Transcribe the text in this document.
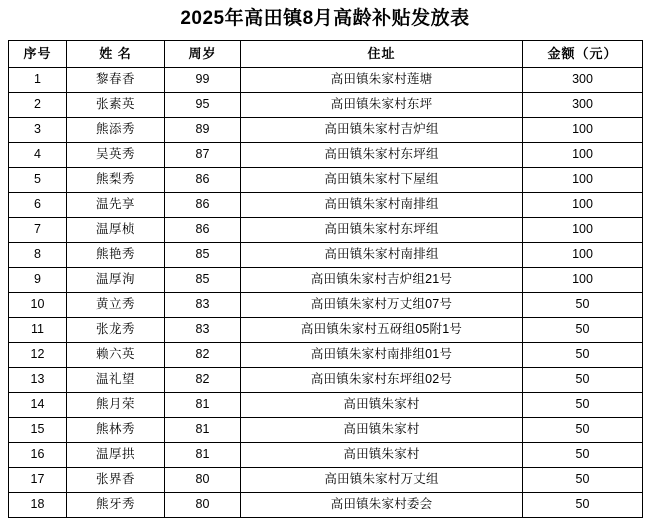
2025年高田镇8月高龄补贴发放表
序号	姓 名	周岁	住址	金额（元）
1	黎春香	99	高田镇朱家村莲塘	300
2	张素英	95	高田镇朱家村东坪	300
3	熊添秀	89	高田镇朱家村吉炉组	100
4	吴英秀	87	高田镇朱家村东坪组	100
5	熊梨秀	86	高田镇朱家村下屋组	100
6	温先享	86	高田镇朱家村南排组	100
7	温厚桢	86	高田镇朱家村东坪组	100
8	熊艳秀	85	高田镇朱家村南排组	100
9	温厚洵	85	高田镇朱家村吉炉组21号	100
10	黄立秀	83	高田镇朱家村万丈组07号	50
11	张龙秀	83	高田镇朱家村五砑组05附1号	50
12	赖六英	82	高田镇朱家村南排组01号	50
13	温礼望	82	高田镇朱家村东坪组02号	50
14	熊月荣	81	高田镇朱家村	50
15	熊林秀	81	高田镇朱家村	50
16	温厚拱	81	高田镇朱家村	50
17	张界香	80	高田镇朱家村万丈组	50
18	熊牙秀	80	高田镇朱家村委会	50
